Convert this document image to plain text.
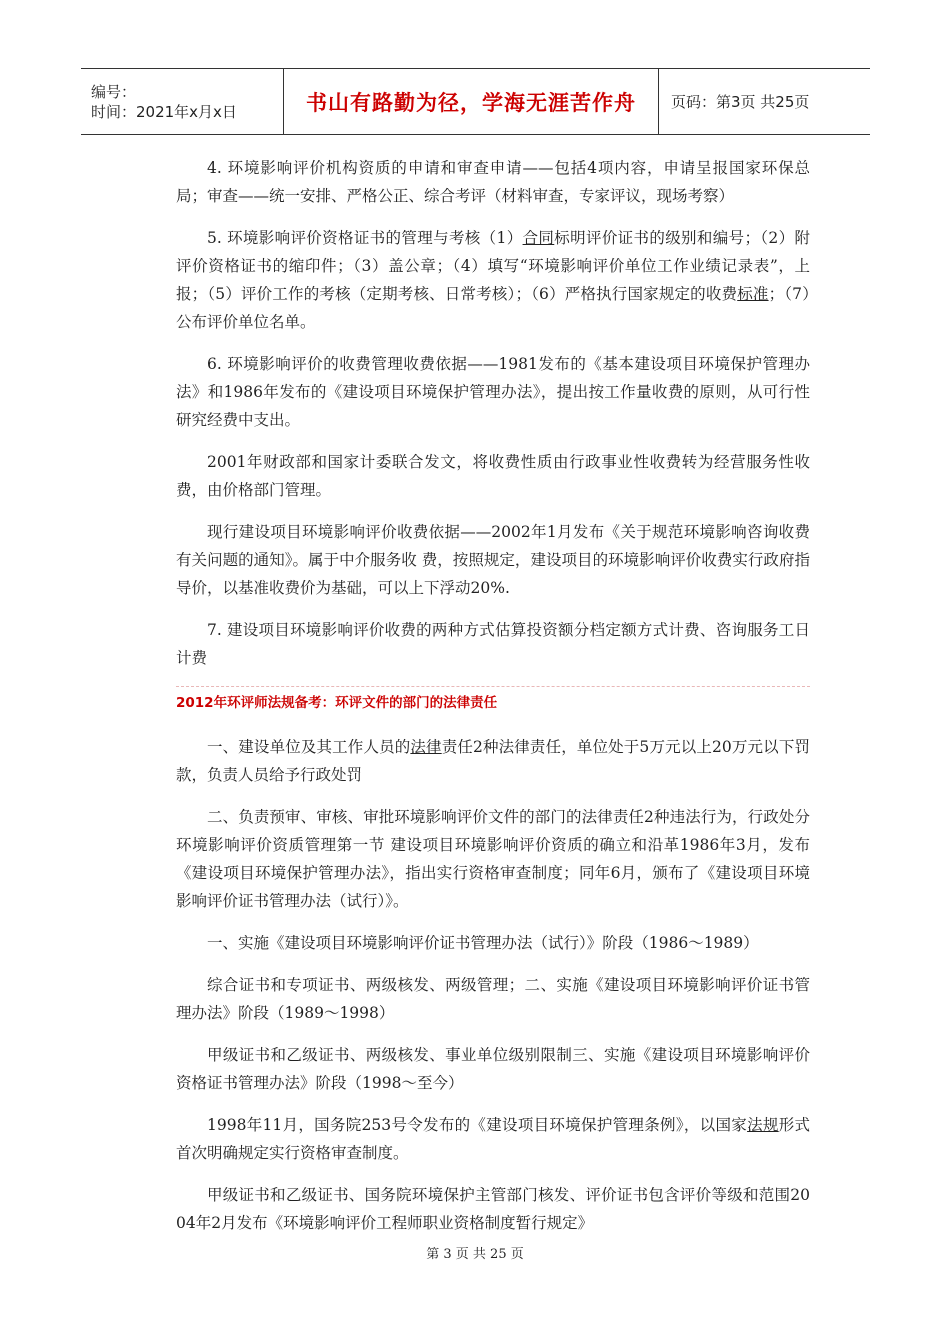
编号：
时间：2021年x月x日	书山有路勤为径，学海无涯苦作舟 页码：第3页 共25页

4. 环境影响评价机构资质的申请和审查申请——包括4项内容，申请呈报国家环保总局；审查——统一安排、严格公正、综合考评（材料审查，专家评议，现场考察）

5. 环境影响评价资格证书的管理与考核（1）合同标明评价证书的级别和编号；（2）附评价资格证书的缩印件；（3）盖公章；（4）填写“环境影响评价单位工作业绩记录表”，上报；（5）评价工作的考核（定期考核、日常考核）；（6）严格执行国家规定的收费标准；（7）公布评价单位名单。

6. 环境影响评价的收费管理收费依据——1981发布的《基本建设项目环境保护管理办法》和1986年发布的《建设项目环境保护管理办法》，提出按工作量收费的原则，从可行性研究经费中支出。

2001年财政部和国家计委联合发文，将收费性质由行政事业性收费转为经营服务性收费，由价格部门管理。

现行建设项目环境影响评价收费依据——2002年1月发布《关于规范环境影响咨询收费有关问题的通知》。属于中介服务收 费，按照规定，建设项目的环境影响评价收费实行政府指导价，以基准收费价为基础，可以上下浮动20%.

7. 建设项目环境影响评价收费的两种方式估算投资额分档定额方式计费、咨询服务工日计费

2012年环评师法规备考：环评文件的部门的法律责任

一、建设单位及其工作人员的法律责任2种法律责任，单位处于5万元以上20万元以下罚款，负责人员给予行政处罚

二、负责预审、审核、审批环境影响评价文件的部门的法律责任2种违法行为，行政处分环境影响评价资质管理第一节 建设项目环境影响评价资质的确立和沿革1986年3月，发布《建设项目环境保护管理办法》，指出实行资格审查制度；同年6月，颁布了《建设项目环境影响评价证书管理办法（试行）》。

一、实施《建设项目环境影响评价证书管理办法（试行）》阶段（1986～1989）

综合证书和专项证书、两级核发、两级管理；二、实施《建设项目环境影响评价证书管理办法》阶段（1989～1998）

甲级证书和乙级证书、两级核发、事业单位级别限制三、实施《建设项目环境影响评价资格证书管理办法》阶段（1998～至今）

1998年11月，国务院253号令发布的《建设项目环境保护管理条例》，以国家法规形式首次明确规定实行资格审查制度。

甲级证书和乙级证书、国务院环境保护主管部门核发、评价证书包含评价等级和范围2004年2月发布《环境影响评价工程师职业资格制度暂行规定》

第 3 页 共 25 页
